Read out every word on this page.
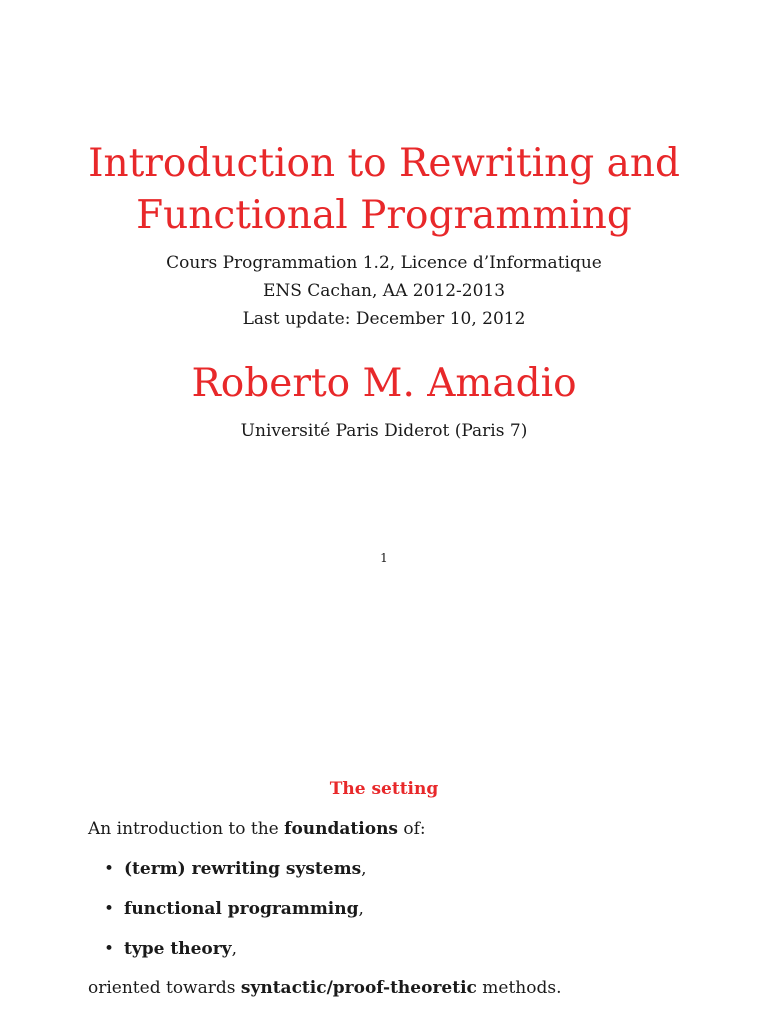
Introduction to Rewriting and
Functional Programming
Cours Programmation 1.2, Licence d’Informatique
ENS Cachan, AA 2012-2013
Last update: December 10, 2012
Roberto M. Amadio
Université Paris Diderot (Paris 7)
1
The setting
An introduction to the foundations of:
• (term) rewriting systems,
• functional programming,
• type theory,
oriented towards syntactic/proof-theoretic methods.
